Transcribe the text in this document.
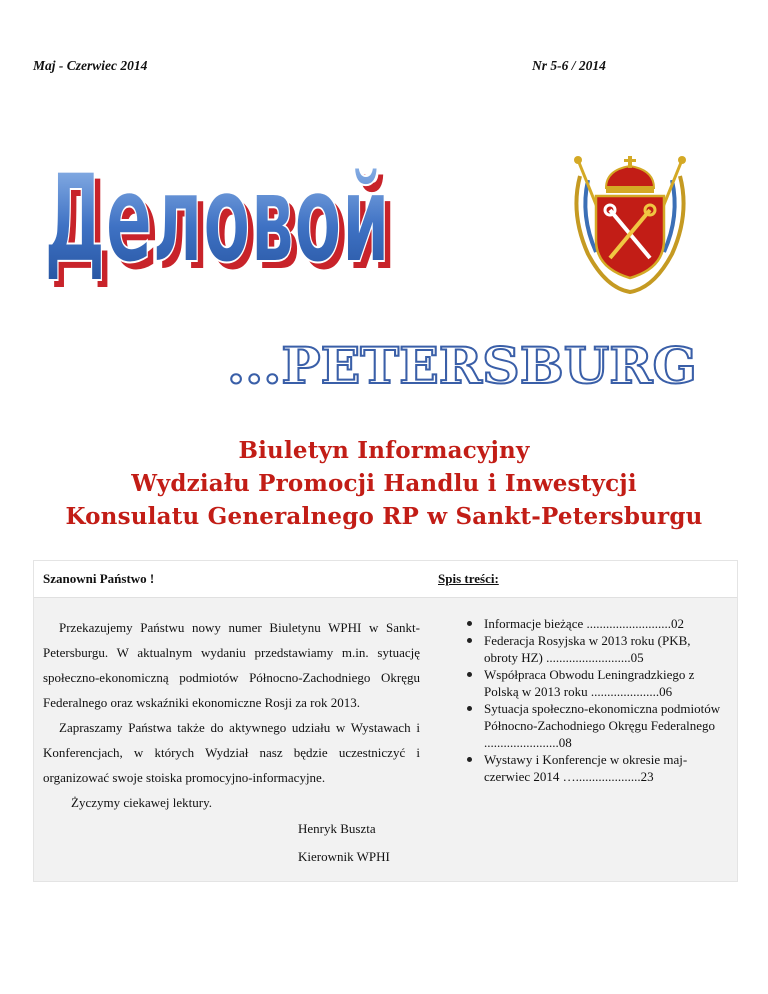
Maj - Czerwiec 2014	Nr 5-6 / 2014
Деловой
Деловой
...PETERSBURG
Biuletyn Informacyjny
Wydziału Promocji Handlu i Inwestycji
Konsulatu Generalnego RP w Sankt-Petersburgu
Szanowni Państwo !	Spis treści:

Przekazujemy Państwu nowy numer Biuletynu WPHI w Sankt-Petersburgu. W aktualnym wydaniu przedstawiamy m.in. sytuację społeczno-ekonomiczną podmiotów Północno-Zachodniego Okręgu Federalnego oraz wskaźniki ekonomiczne Rosji za rok 2013.

Zapraszamy Państwa także do aktywnego udziału w Wystawach i Konferencjach, w których Wydział nasz będzie uczestniczyć i organizować swoje stoiska promocyjno-informacyjne.

Życzymy ciekawej lektury.

Henryk Buszta

Kierownik WPHI

Informacje bieżące ..........................02
Federacja Rosyjska w 2013 roku (PKB, obroty HZ) ..........................05
Współpraca Obwodu Leningradzkiego z Polską w 2013 roku .....................06
Sytuacja społeczno-ekonomiczna podmiotów Północno-Zachodniego Okręgu Federalnego .......................08
Wystawy i Konferencje w okresie maj-czerwiec 2014 …....................23
